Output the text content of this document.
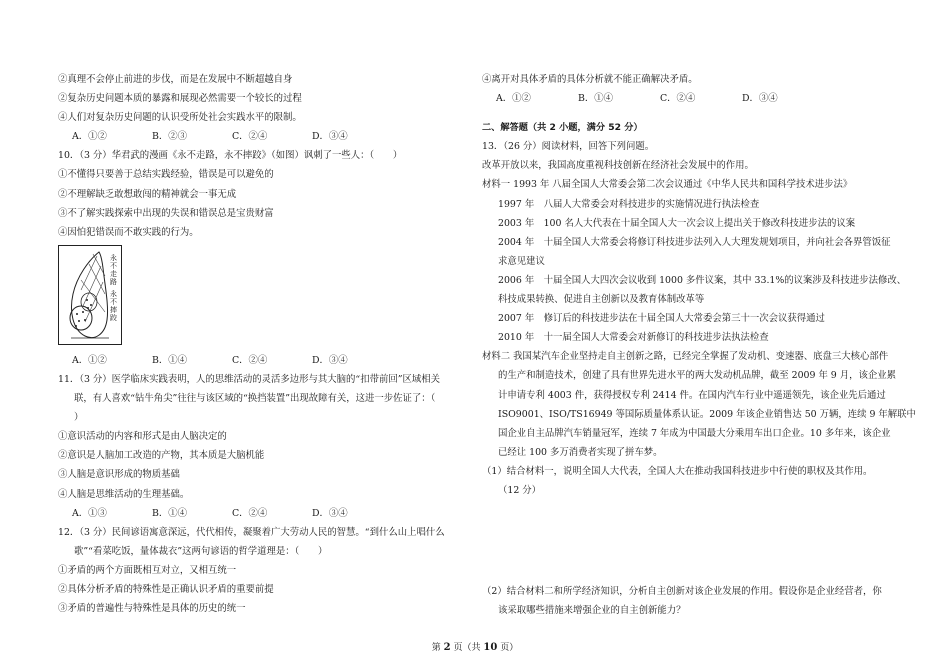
②真理不会停止前进的步伐，而是在发展中不断超越自身
②复杂历史问题本质的暴露和展现必然需要一个较长的过程
④人们对复杂历史问题的认识受所处社会实践水平的限制。
A．①②	B．②③	C．②④	D．③④
10．（3 分）华君武的漫画《永不走路，永不摔跤》（如图）讽刺了一些人：（　　）
①不懂得只要善于总结实践经验，错误是可以避免的
②不理解缺乏敢想敢闯的精神就会一事无成
③不了解实践探索中出现的失误和错误总是宝贵财富
④因怕犯错误而不敢实践的行为。
永
不
走
路
永
不
摔
跤
A．①②	B．①④	C．②④	D．③④
11．（3 分）医学临床实践表明，人的思维活动的灵活多边形与其大脑的“扣带前回”区域相关
联，有人喜欢“钻牛角尖”往往与该区域的“换挡装置”出现故障有关，这进一步佐证了：（
）
①意识活动的内容和形式是由人脑决定的
②意识是人脑加工改造的产物，其本质是大脑机能
③人脑是意识形成的物质基础
④人脑是思维活动的生理基础。
A．①③	B．①④	C．②④	D．③④
12．（3 分）民间谚语寓意深远，代代相传，凝聚着广大劳动人民的智慧。“到什么山上唱什么
歌”“看菜吃饭，量体裁衣”这两句谚语的哲学道理是：（　　）
①矛盾的两个方面既相互对立，又相互统一
②具体分析矛盾的特殊性是正确认识矛盾的重要前提
③矛盾的普遍性与特殊性是具体的历史的统一
④离开对具体矛盾的具体分析就不能正确解决矛盾。
A．①②	B．①④	C．②④	D．③④
二、解答题（共 2 小题，满分 52 分）
13．（26 分）阅读材料，回答下列问题。
改革开放以来，我国高度重视科技创新在经济社会发展中的作用。
材料一 1993 年 八届全国人大常委会第二次会议通过《中华人民共和国科学技术进步法》
1997 年　八届人大常委会对科技进步的实施情况进行执法检查
2003 年　100 名人大代表在十届全国人大一次会议上提出关于修改科技进步法的议案
2004 年　十届全国人大常委会将修订科技进步法列入人大理发规划项目，并向社会各界管饭征
求意见建议
2006 年　十届全国人大四次会议收到 1000 多件议案，其中 33.1%的议案涉及科技进步法修改、
科技成果转换、促进自主创新以及教育体制改革等
2007 年　修订后的科技进步法在十届全国人大常委会第三十一次会议获得通过
2010 年　十一届全国人大常委会对新修订的科技进步法执法检查
材料二 我国某汽车企业坚持走自主创新之路，已经完全掌握了发动机、变速器、底盘三大核心部件
的生产和制造技术，创建了具有世界先进水平的两大发动机品牌，截至 2009 年 9 月，该企业累
计申请专利 4003 件，获得授权专利 2414 件。在国内汽车行业中遥遥领先，该企业先后通过
ISO9001、ISO/TS16949 等国际质量体系认证。2009 年该企业销售达 50 万辆，连续 9 年解联中
国企业自主品牌汽车销量冠军，连续 7 年成为中国最大分乘用车出口企业。10 多年来，该企业
已经让 100 多万消费者实现了拼车梦。
（1）结合材料一，说明全国人大代表，全国人大在推动我国科技进步中行使的职权及其作用。
（12 分）
（2）结合材料二和所学经济知识，分析自主创新对该企业发展的作用。假设你是企业经营者，你
该采取哪些措施来增强企业的自主创新能力？
第 2 页（共 10 页）
